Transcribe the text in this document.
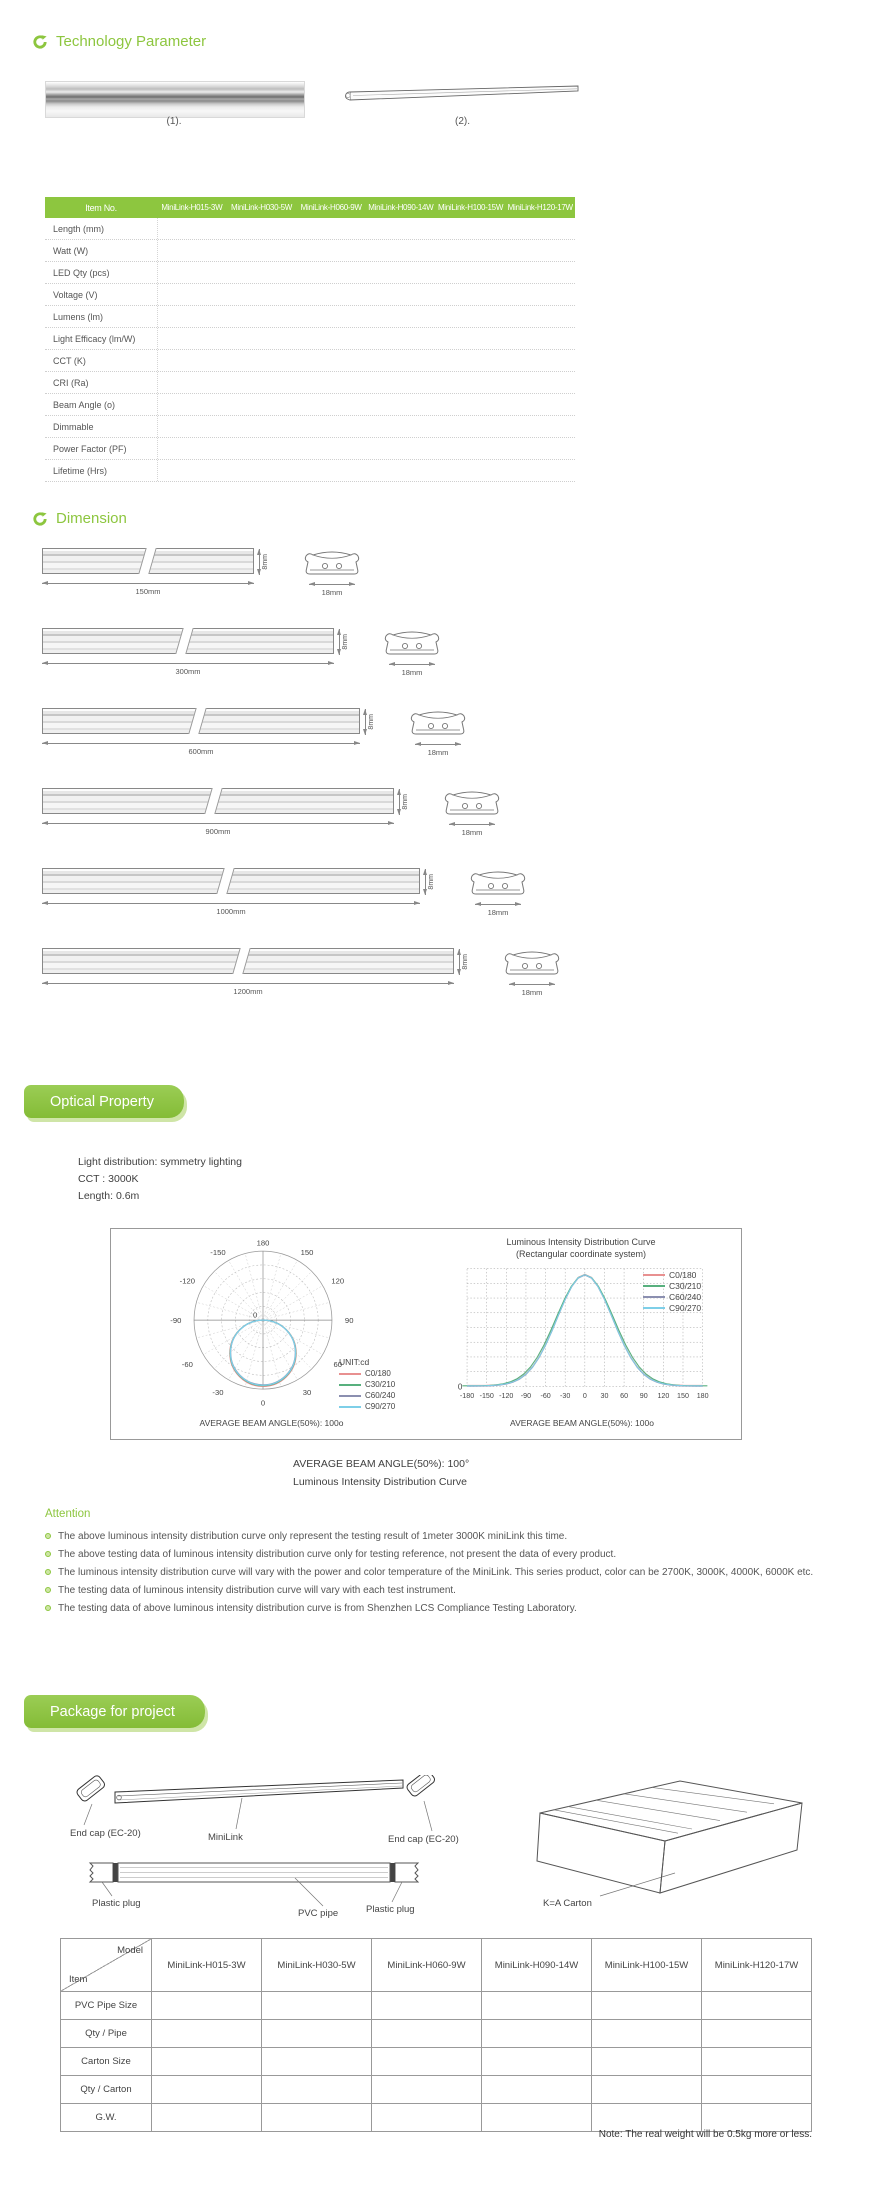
Technology Parameter
(1).	(2).
Item No.	MiniLink-H015-3W	MiniLink-H030-5W	MiniLink-H060-9W MiniLink-H090-14W MiniLink-H100-15W MiniLink-H120-17W
Length (mm)
Watt (W)
LED Qty (pcs)
Voltage (V)
Lumens (lm)
Light Efficacy (lm/W)
CCT (K)
CRI (Ra)
Beam Angle (o)
Dimmable
Power Factor (PF)
Lifetime (Hrs)
Dimension
150mm
8mm
18mm
300mm
8mm
18mm
600mm
8mm
18mm
900mm
8mm
18mm
1000mm
8mm
18mm
1200mm
8mm
18mm
Optical Property
Light distribution: symmetry lighting
CCT : 3000K
Length: 0.6m
180
-150	150
-120	120
-90	90
-60	60
-30	30
0
0
UNIT:cd
C0/180
C30/210
C60/240
C90/270
AVERAGE BEAM ANGLE(50%): 100o
Luminous Intensity Distribution Curve
(Rectangular coordinate system)
-180 -150 -120 -90 -60 -30 0 30 60 90 120 150 180
0
C0/180
C30/210
C60/240
C90/270
AVERAGE BEAM ANGLE(50%): 100o
AVERAGE BEAM ANGLE(50%): 100°
Luminous Intensity Distribution Curve
Attention
The above luminous intensity distribution curve only represent the testing result of 1meter 3000K miniLink this time.
The above testing data of luminous intensity distribution curve only for testing reference, not present the data of every product.
The luminous intensity distribution curve will vary with the power and color temperature of the MiniLink. This series product, color can be 2700K, 3000K, 4000K, 6000K etc.
The testing data of luminous intensity distribution curve will vary with each test instrument.
The testing data of above luminous intensity distribution curve is from Shenzhen LCS Compliance Testing Laboratory.
Package for project
End cap (EC-20)	MiniLink	End cap (EC-20)
Plastic plug
PVC pipe	Plastic plug
K=A Carton
Model
Item
MiniLink-H015-3W	MiniLink-H030-5W	MiniLink-H060-9W	MiniLink-H090-14W	MiniLink-H100-15W	MiniLink-H120-17W
PVC Pipe Size
Qty / Pipe
Carton Size
Qty / Carton
G.W.
Note: The real weight will be 0.5kg more or less.
